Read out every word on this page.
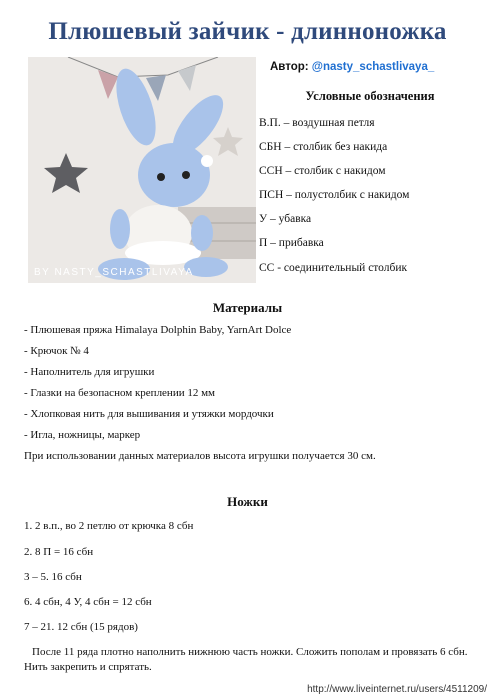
Плюшевый зайчик - длинноножка
BY NASTY_SCHASTLIVAYA
Автор: @nasty_schastlivaya_
Условные обозначения
В.П. – воздушная петля
СБН – столбик без накида
ССН – столбик с накидом
ПСН – полустолбик с накидом
У – убавка
П – прибавка
СС - соединительный столбик
Материалы
- Плюшевая пряжа Himalaya Dolphin Baby, YarnArt Dolce
- Крючок № 4
- Наполнитель для игрушки
- Глазки на безопасном креплении 12 мм
- Хлопковая нить для вышивания и утяжки мордочки
- Игла, ножницы, маркер
При использовании данных материалов высота игрушки получается 30 см.
Ножки
1. 2 в.п., во 2 петлю от крючка 8 сбн
2. 8 П = 16 сбн
3 – 5. 16 сбн
6. 4 сбн, 4 У, 4 сбн = 12 сбн
7 – 21. 12 сбн (15 рядов)
После 11 ряда плотно наполнить нижнюю часть ножки. Сложить пополам и провязать 6 сбн. Нить закрепить и спрятать.
http://www.liveinternet.ru/users/4511209/
